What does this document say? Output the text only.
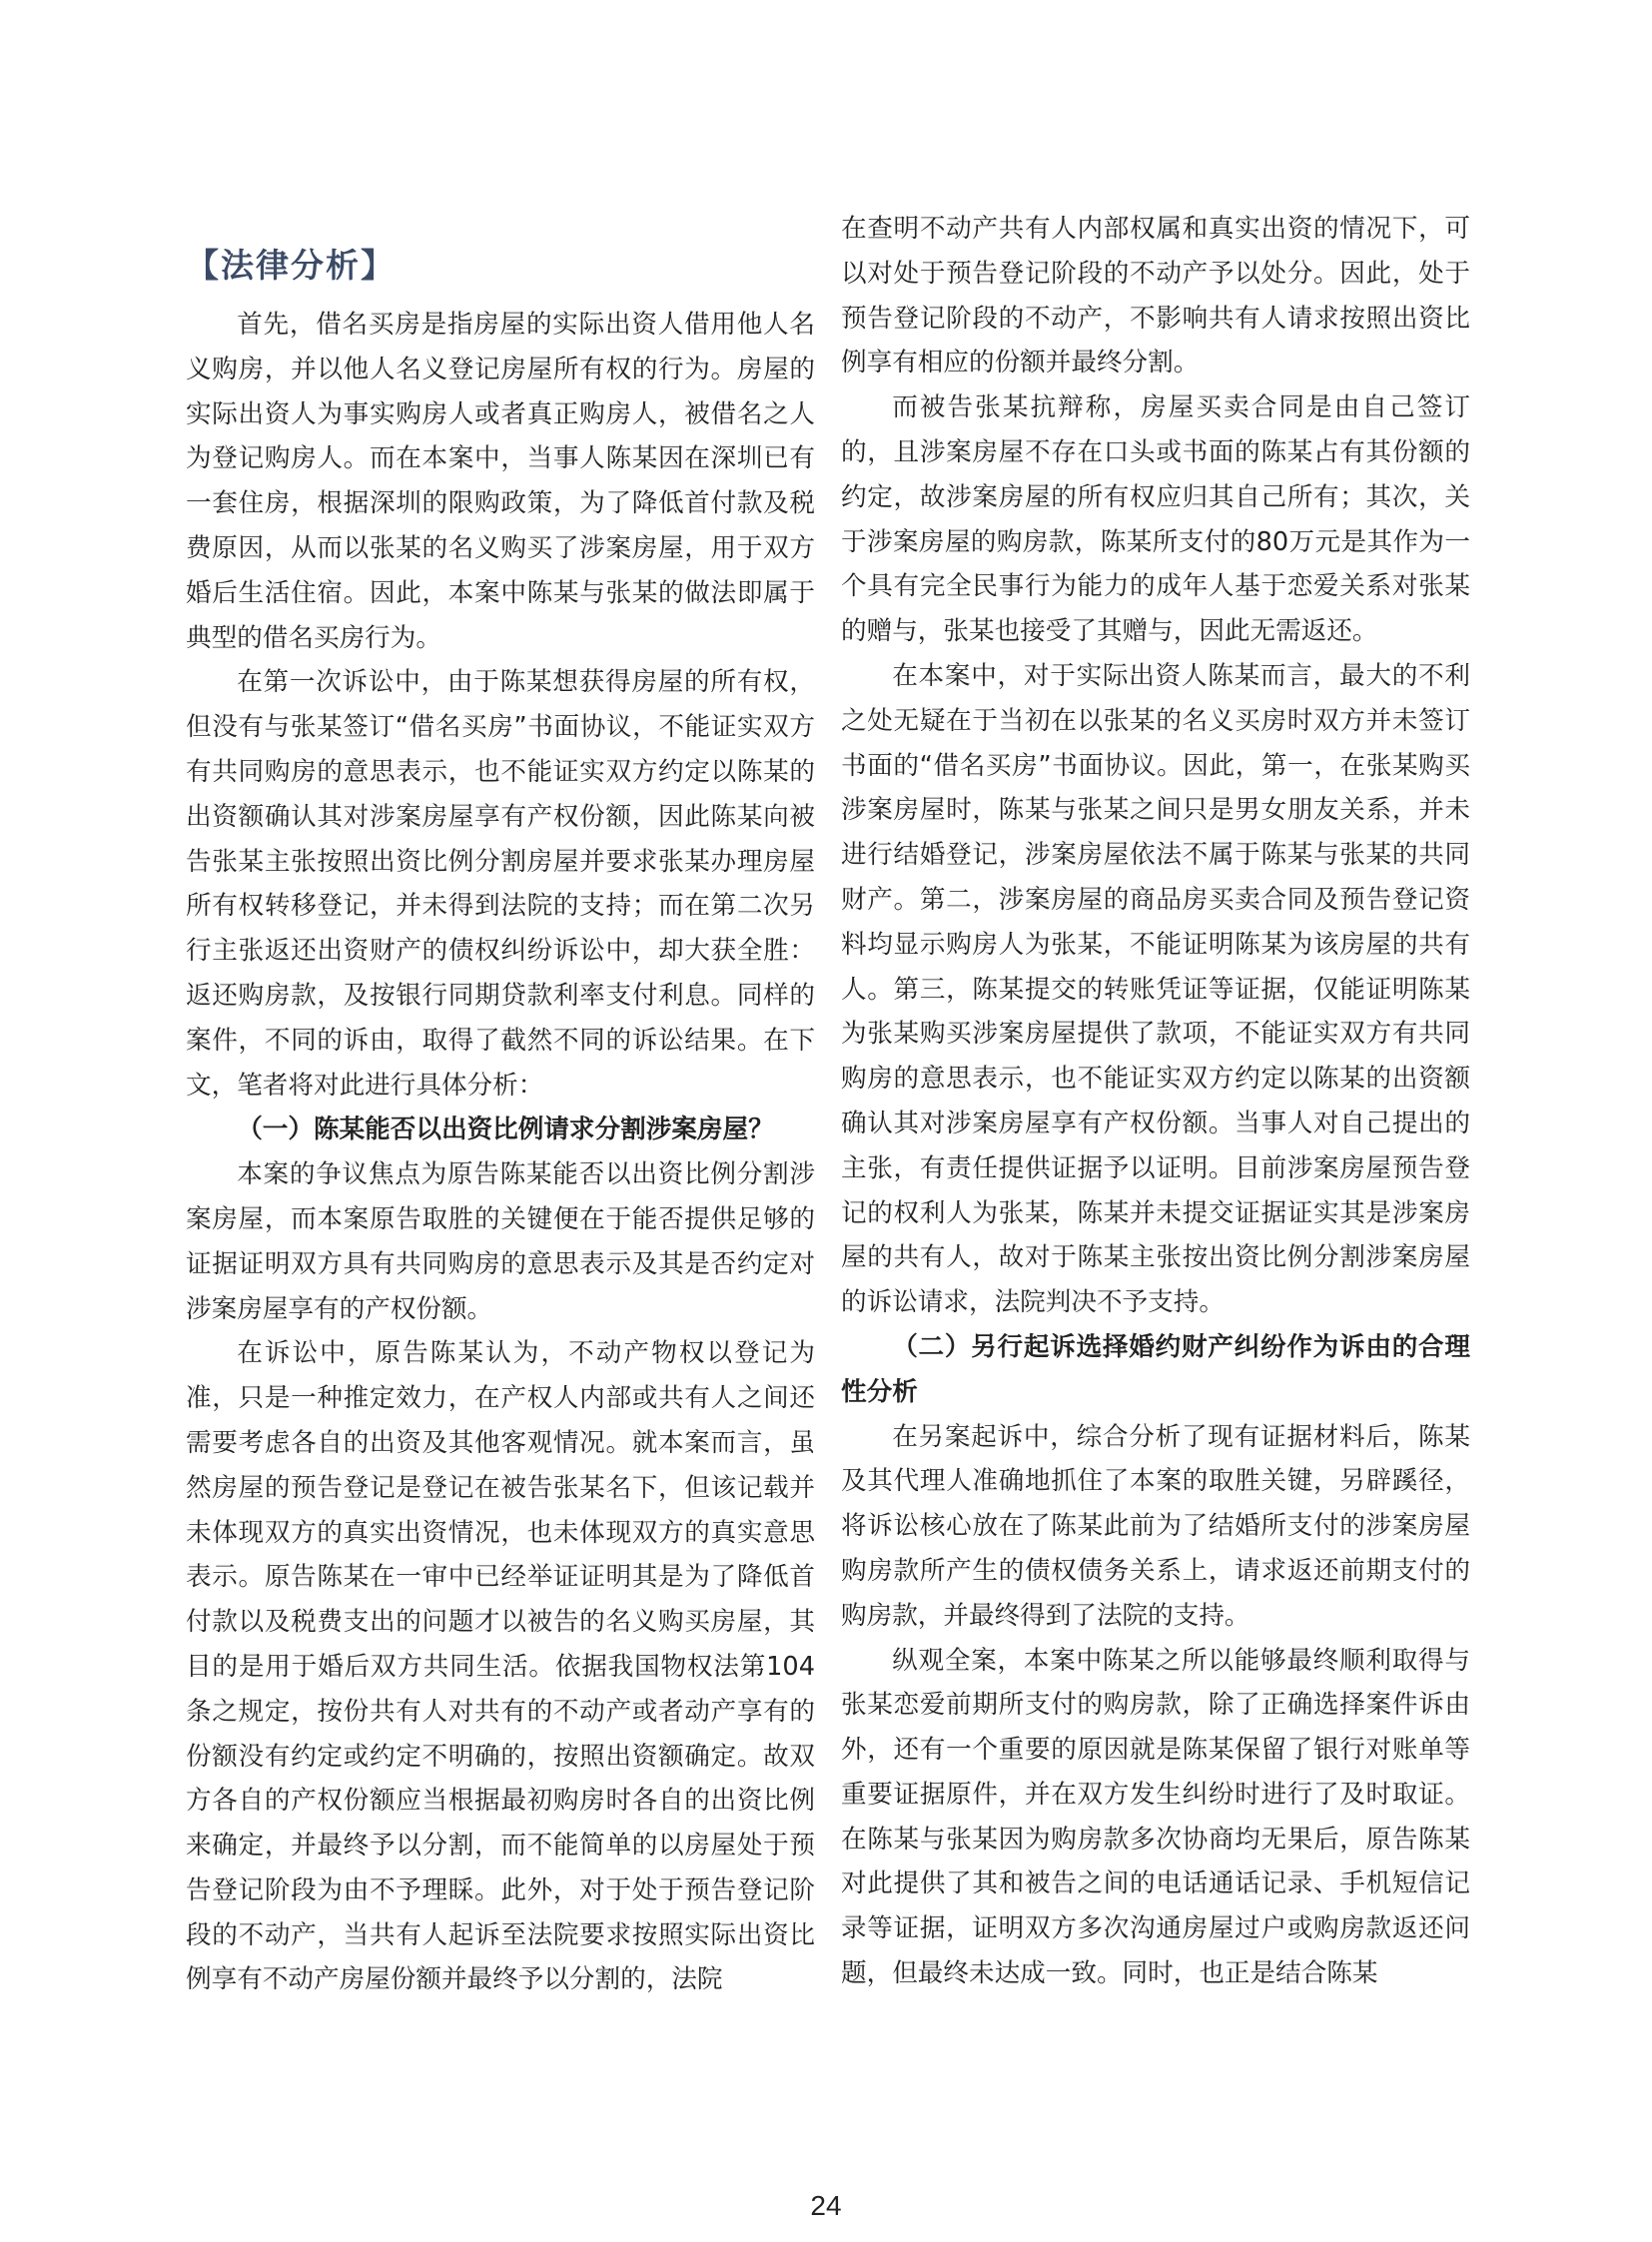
【法律分析】

首先，借名买房是指房屋的实际出资人借用他人名义购房，并以他人名义登记房屋所有权的行为。房屋的实际出资人为事实购房人或者真正购房人，被借名之人为登记购房人。而在本案中，当事人陈某因在深圳已有一套住房，根据深圳的限购政策，为了降低首付款及税费原因，从而以张某的名义购买了涉案房屋，用于双方婚后生活住宿。因此，本案中陈某与张某的做法即属于典型的借名买房行为。

在第一次诉讼中，由于陈某想获得房屋的所有权，但没有与张某签订“借名买房”书面协议，不能证实双方有共同购房的意思表示，也不能证实双方约定以陈某的出资额确认其对涉案房屋享有产权份额，因此陈某向被告张某主张按照出资比例分割房屋并要求张某办理房屋所有权转移登记，并未得到法院的支持；而在第二次另行主张返还出资财产的债权纠纷诉讼中，却大获全胜：返还购房款，及按银行同期贷款利率支付利息。同样的案件，不同的诉由，取得了截然不同的诉讼结果。在下文，笔者将对此进行具体分析：

（一）陈某能否以出资比例请求分割涉案房屋？

本案的争议焦点为原告陈某能否以出资比例分割涉案房屋，而本案原告取胜的关键便在于能否提供足够的证据证明双方具有共同购房的意思表示及其是否约定对涉案房屋享有的产权份额。

在诉讼中，原告陈某认为，不动产物权以登记为准，只是一种推定效力，在产权人内部或共有人之间还需要考虑各自的出资及其他客观情况。就本案而言，虽然房屋的预告登记是登记在被告张某名下，但该记载并未体现双方的真实出资情况，也未体现双方的真实意思表示。原告陈某在一审中已经举证证明其是为了降低首付款以及税费支出的问题才以被告的名义购买房屋，其目的是用于婚后双方共同生活。依据我国物权法第104条之规定，按份共有人对共有的不动产或者动产享有的份额没有约定或约定不明确的，按照出资额确定。故双方各自的产权份额应当根据最初购房时各自的出资比例来确定，并最终予以分割，而不能简单的以房屋处于预告登记阶段为由不予理睬。此外，对于处于预告登记阶段的不动产，当共有人起诉至法院要求按照实际出资比例享有不动产房屋份额并最终予以分割的，法院

在查明不动产共有人内部权属和真实出资的情况下，可以对处于预告登记阶段的不动产予以处分。因此，处于预告登记阶段的不动产，不影响共有人请求按照出资比例享有相应的份额并最终分割。

而被告张某抗辩称，房屋买卖合同是由自己签订的，且涉案房屋不存在口头或书面的陈某占有其份额的约定，故涉案房屋的所有权应归其自己所有；其次，关于涉案房屋的购房款，陈某所支付的80万元是其作为一个具有完全民事行为能力的成年人基于恋爱关系对张某的赠与，张某也接受了其赠与，因此无需返还。

在本案中，对于实际出资人陈某而言，最大的不利之处无疑在于当初在以张某的名义买房时双方并未签订书面的“借名买房”书面协议。因此，第一，在张某购买涉案房屋时，陈某与张某之间只是男女朋友关系，并未进行结婚登记，涉案房屋依法不属于陈某与张某的共同财产。第二，涉案房屋的商品房买卖合同及预告登记资料均显示购房人为张某，不能证明陈某为该房屋的共有人。第三，陈某提交的转账凭证等证据，仅能证明陈某为张某购买涉案房屋提供了款项，不能证实双方有共同购房的意思表示，也不能证实双方约定以陈某的出资额确认其对涉案房屋享有产权份额。当事人对自己提出的主张，有责任提供证据予以证明。目前涉案房屋预告登记的权利人为张某，陈某并未提交证据证实其是涉案房屋的共有人，故对于陈某主张按出资比例分割涉案房屋的诉讼请求，法院判决不予支持。

（二）另行起诉选择婚约财产纠纷作为诉由的合理性分析

在另案起诉中，综合分析了现有证据材料后，陈某及其代理人准确地抓住了本案的取胜关键，另辟蹊径，将诉讼核心放在了陈某此前为了结婚所支付的涉案房屋购房款所产生的债权债务关系上，请求返还前期支付的购房款，并最终得到了法院的支持。

纵观全案，本案中陈某之所以能够最终顺利取得与张某恋爱前期所支付的购房款，除了正确选择案件诉由外，还有一个重要的原因就是陈某保留了银行对账单等重要证据原件，并在双方发生纠纷时进行了及时取证。在陈某与张某因为购房款多次协商均无果后，原告陈某对此提供了其和被告之间的电话通话记录、手机短信记录等证据，证明双方多次沟通房屋过户或购房款返还问题，但最终未达成一致。同时，也正是结合陈某

24
